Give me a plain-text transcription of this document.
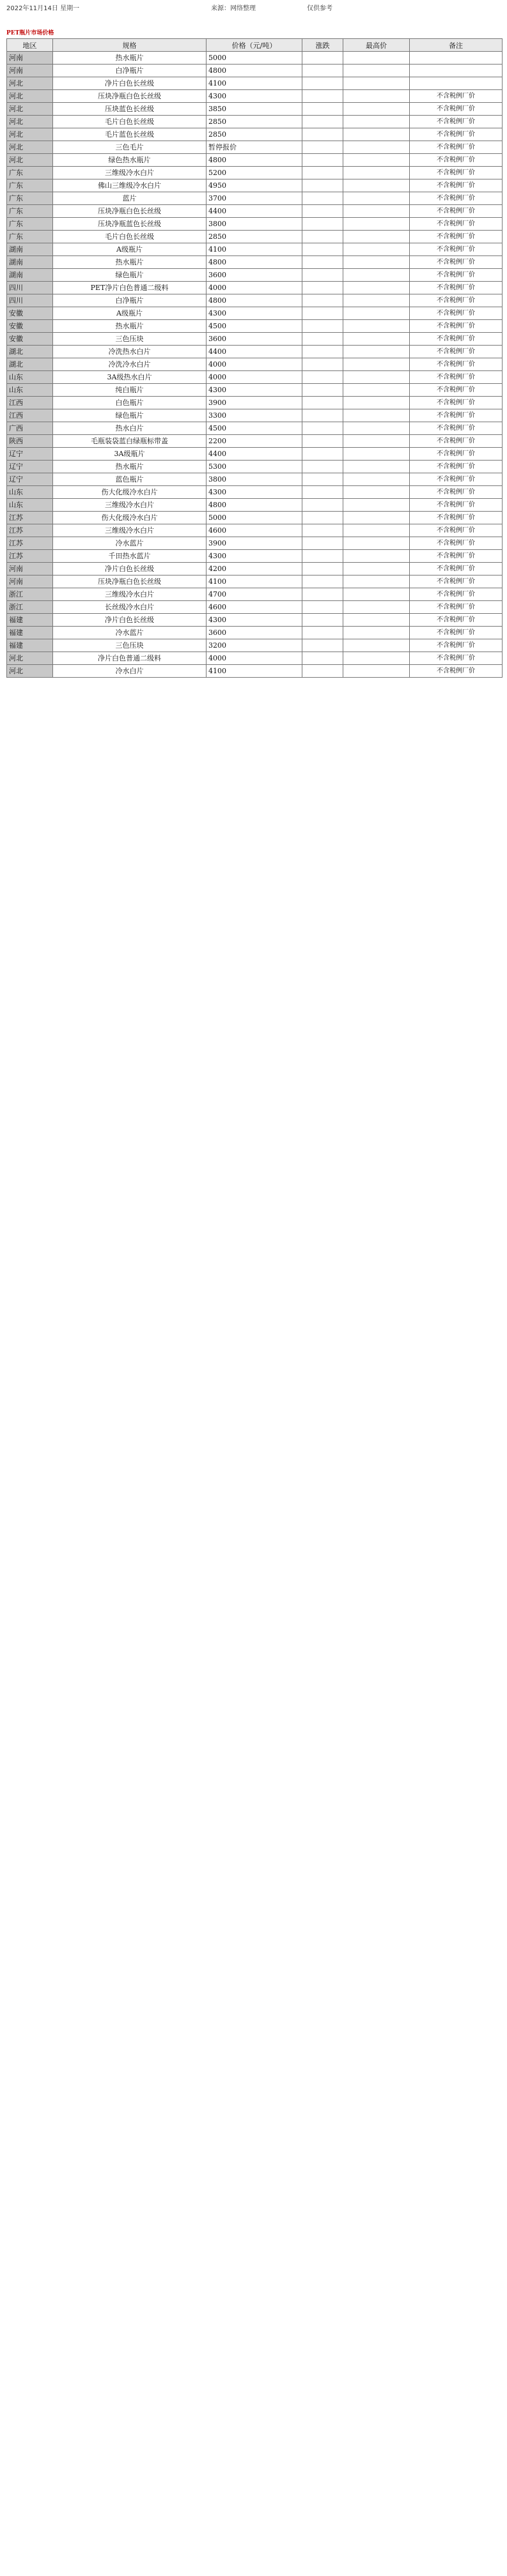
2022年11月14日 星期一	来源：网络整理	仅供参考
PET瓶片市场价格
地区	规格	价格（元/吨）	涨跌	最高价	备注
河南	热水瓶片	5000			
河南	白净瓶片	4800			
河北	净片白色长丝级	4100			
河北	压块净瓶白色长丝级	4300			不含税例厂价
河北	压块蓝色长丝级	3850			不含税例厂价
河北	毛片白色长丝级	2850			不含税例厂价
河北	毛片蓝色长丝级	2850			不含税例厂价
河北	三色毛片	暂停报价			不含税例厂价
河北	绿色热水瓶片	4800			不含税例厂价
广东	三维级冷水白片	5200			不含税例厂价
广东	佛山三维级冷水白片	4950			不含税例厂价
广东	蓝片	3700			不含税例厂价
广东	压块净瓶白色长丝级	4400			不含税例厂价
广东	压块净瓶蓝色长丝级	3800			不含税例厂价
广东	毛片白色长丝级	2850			不含税例厂价
湖南	A级瓶片	4100			不含税例厂价
湖南	热水瓶片	4800			不含税例厂价
湖南	绿色瓶片	3600			不含税例厂价
四川	PET净片白色普通二级料	4000			不含税例厂价
四川	白净瓶片	4800			不含税例厂价
安徽	A级瓶片	4300			不含税例厂价
安徽	热水瓶片	4500			不含税例厂价
安徽	三色压块	3600			不含税例厂价
湖北	冷洗热水白片	4400			不含税例厂价
湖北	冷洗冷水白片	4000			不含税例厂价
山东	3A级热水白片	4000			不含税例厂价
山东	纯白瓶片	4300			不含税例厂价
江西	白色瓶片	3900			不含税例厂价
江西	绿色瓶片	3300			不含税例厂价
广西	热水白片	4500			不含税例厂价
陕西	毛瓶装袋蓝白绿瓶标带盖	2200			不含税例厂价
辽宁	3A级瓶片	4400			不含税例厂价
辽宁	热水瓶片	5300			不含税例厂价
辽宁	蓝色瓶片	3800			不含税例厂价
山东	伤大化级冷水白片	4300			不含税例厂价
山东	三维级冷水白片	4800			不含税例厂价
江苏	伤大化级冷水白片	5000			不含税例厂价
江苏	三维级冷水白片	4600			不含税例厂价
江苏	冷水蓝片	3900			不含税例厂价
江苏	千田热水蓝片	4300			不含税例厂价
河南	净片白色长丝级	4200			不含税例厂价
河南	压块净瓶白色长丝级	4100			不含税例厂价
浙江	三维级冷水白片	4700			不含税例厂价
浙江	长丝级冷水白片	4600			不含税例厂价
福建	净片白色长丝级	4300			不含税例厂价
福建	冷水蓝片	3600			不含税例厂价
福建	三色压块	3200			不含税例厂价
河北	净片白色普通二级料	4000			不含税例厂价
河北	冷水白片	4100			不含税例厂价
